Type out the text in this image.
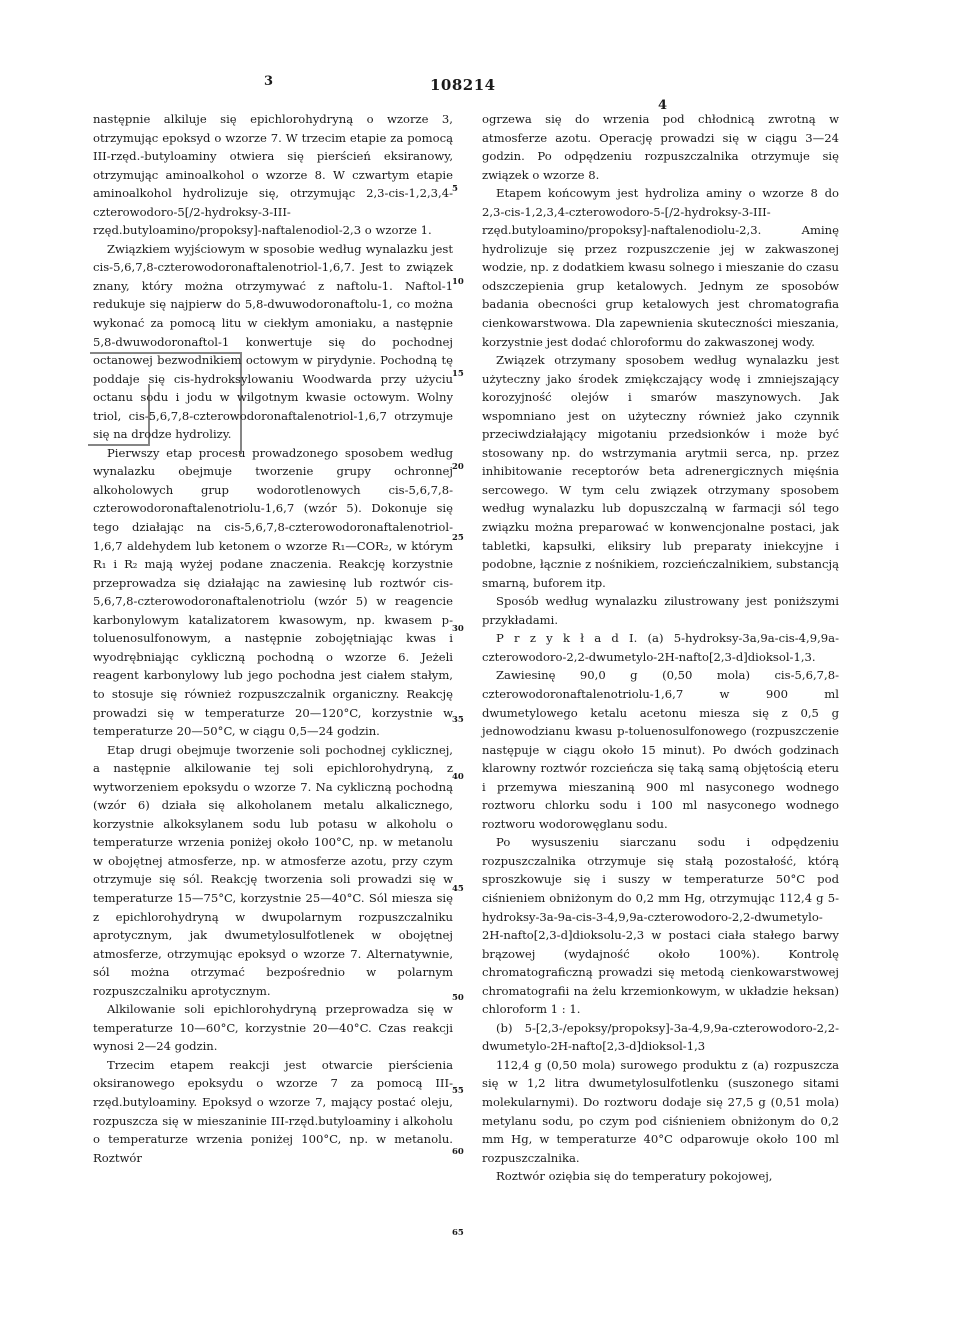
3	108214
4

następnie alkiluje się epichlorohydryną o wzorze 3, otrzymując epoksyd o wzorze 7. W trzecim etapie za pomocą III-rzęd.-butyloaminy otwiera się pierścień eksiranowy, otrzymując aminoalkohol o wzorze 8. W czwartym etapie aminoalkohol hydrolizuje się, otrzymując 2,3-cis-1,2,3,4-czterowodoro-5[/2-hydroksy-3-III-rzęd.butyloamino/propoksy]-naftalenodiol-2,3 o wzorze 1.

Związkiem wyjściowym w sposobie według wynalazku jest cis-5,6,7,8-czterowodoronaftalenotriol-1,6,7. Jest to związek znany, który można otrzymywać z naftolu-1. Naftol-1 redukuje się najpierw do 5,8-dwuwodoronaftolu-1, co można wykonać za pomocą litu w ciekłym amoniaku, a następnie 5,8-dwuwodoronaftol-1 konwertuje się do pochodnej octanowej bezwodnikiem octowym w pirydynie. Pochodną tę poddaje się cis-hydroksylowaniu Woodwarda przy użyciu octanu sodu i jodu w wilgotnym kwasie octowym. Wolny triol, cis-5,6,7,8-czterowodoronaftalenotriol-1,6,7 otrzymuje się na drodze hydrolizy.

Pierwszy etap procesu prowadzonego sposobem według wynalazku obejmuje tworzenie grupy ochronnej alkoholowych grup wodorotlenowych cis-5,6,7,8-czterowodoronaftalenotriolu-1,6,7 (wzór 5). Dokonuje się tego działając na cis-5,6,7,8-czterowodoronaftalenotriol-1,6,7 aldehydem lub ketonem o wzorze R₁—COR₂, w którym R₁ i R₂ mają wyżej podane znaczenia. Reakcję korzystnie przeprowadza się działając na zawiesinę lub roztwór cis-5,6,7,8-czterowodoronaftalenotriolu (wzór 5) w reagencie karbonylowym katalizatorem kwasowym, np. kwasem p-toluenosulfonowym, a następnie zobojętniając kwas i wyodrębniając cykliczną pochodną o wzorze 6. Jeżeli reagent karbonylowy lub jego pochodna jest ciałem stałym, to stosuje się również rozpuszczalnik organiczny. Reakcję prowadzi się w temperaturze 20—120°C, korzystnie w temperaturze 20—50°C, w ciągu 0,5—24 godzin.

Etap drugi obejmuje tworzenie soli pochodnej cyklicznej, a następnie alkilowanie tej soli epichlorohydryną, z wytworzeniem epoksydu o wzorze 7. Na cykliczną pochodną (wzór 6) działa się alkoholanem metalu alkalicznego, korzystnie alkoksylanem sodu lub potasu w alkoholu o temperaturze wrzenia poniżej około 100°C, np. w metanolu w obojętnej atmosferze, np. w atmosferze azotu, przy czym otrzymuje się sól. Reakcję tworzenia soli prowadzi się w temperaturze 15—75°C, korzystnie 25—40°C. Sól miesza się z epichlorohydryną w dwupolarnym rozpuszczalniku aprotycznym, jak dwumetylosulfotlenek w obojętnej atmosferze, otrzymując epoksyd o wzorze 7. Alternatywnie, sól można otrzymać bezpośrednio w polarnym rozpuszczalniku aprotycznym.

Alkilowanie soli epichlorohydryną przeprowadza się w temperaturze 10—60°C, korzystnie 20—40°C. Czas reakcji wynosi 2—24 godzin.

Trzecim etapem reakcji jest otwarcie pierścienia oksiranowego epoksydu o wzorze 7 za pomocą III-rzęd.butyloaminy. Epoksyd o wzorze 7, mający postać oleju, rozpuszcza się w mieszaninie III-rzęd.butyloaminy i alkoholu o temperaturze wrzenia poniżej 100°C, np. w metanolu. Roztwór

5
10
15
20
25
30
35
40
45
50
55
60
65

ogrzewa się do wrzenia pod chłodnicą zwrotną w atmosferze azotu. Operację prowadzi się w ciągu 3—24 godzin. Po odpędzeniu rozpuszczalnika otrzymuje się związek o wzorze 8.

Etapem końcowym jest hydroliza aminy o wzorze 8 do 2,3-cis-1,2,3,4-czterowodoro-5-[/2-hydroksy-3-III-rzęd.butyloamino/propoksy]-naftalenodiolu-2,3. Aminę hydrolizuje się przez rozpuszczenie jej w zakwaszonej wodzie, np. z dodatkiem kwasu solnego i mieszanie do czasu odszczepienia grup ketalowych. Jednym ze sposobów badania obecności grup ketalowych jest chromatografia cienkowarstwowa. Dla zapewnienia skuteczności mieszania, korzystnie jest dodać chloroformu do zakwaszonej wody.

Związek otrzymany sposobem według wynalazku jest użyteczny jako środek zmiękczający wodę i zmniejszający korozyjność olejów i smarów maszynowych. Jak wspomniano jest on użyteczny również jako czynnik przeciwdziałający migotaniu przedsionków i może być stosowany np. do wstrzymania arytmii serca, np. przez inhibitowanie receptorów beta adrenergicznych mięśnia sercowego. W tym celu związek otrzymany sposobem według wynalazku lub dopuszczalną w farmacji sól tego związku można preparować w konwencjonalne postaci, jak tabletki, kapsułki, eliksiry lub preparaty iniekcyjne i podobne, łącznie z nośnikiem, rozcieńczalnikiem, substancją smarną, buforem itp.

Sposób według wynalazku zilustrowany jest poniższymi przykładami.

P r z y k ł a d I. (a) 5-hydroksy-3a,9a-cis-4,9,9a-czterowodoro-2,2-dwumetylo-2H-nafto[2,3-d]dioksol-1,3.

Zawiesinę 90,0 g (0,50 mola) cis-5,6,7,8-czterowodoronaftalenotriolu-1,6,7 w 900 ml dwumetylowego ketalu acetonu miesza się z 0,5 g jednowodzianu kwasu p-toluenosulfonowego (rozpuszczenie następuje w ciągu około 15 minut). Po dwóch godzinach klarowny roztwór rozcieńcza się taką samą objętością eteru i przemywa mieszaniną 900 ml nasyconego wodnego roztworu chlorku sodu i 100 ml nasyconego wodnego roztworu wodorowęglanu sodu.

Po wysuszeniu siarczanu sodu i odpędzeniu rozpuszczalnika otrzymuje się stałą pozostałość, którą sproszkowuje się i suszy w temperaturze 50°C pod ciśnieniem obniżonym do 0,2 mm Hg, otrzymując 112,4 g 5-hydroksy-3a-9a-cis-3-4,9,9a-czterowodoro-2,2-dwumetylo-2H-nafto[2,3-d]dioksolu-2,3 w postaci ciała stałego barwy brązowej (wydajność około 100%). Kontrolę chromatograficzną prowadzi się metodą cienkowarstwowej chromatografii na żelu krzemionkowym, w układzie heksan) chloroform 1 : 1.

(b) 5-[2,3-/epoksy/propoksy]-3a-4,9,9a-czterowodoro-2,2-dwumetylo-2H-nafto[2,3-d]dioksol-1,3

112,4 g (0,50 mola) surowego produktu z (a) rozpuszcza się w 1,2 litra dwumetylosulfotlenku (suszonego sitami molekularnymi). Do roztworu dodaje się 27,5 g (0,51 mola) metylanu sodu, po czym pod ciśnieniem obniżonym do 0,2 mm Hg, w temperaturze 40°C odparowuje około 100 ml rozpuszczalnika.

Roztwór oziębia się do temperatury pokojowej,
